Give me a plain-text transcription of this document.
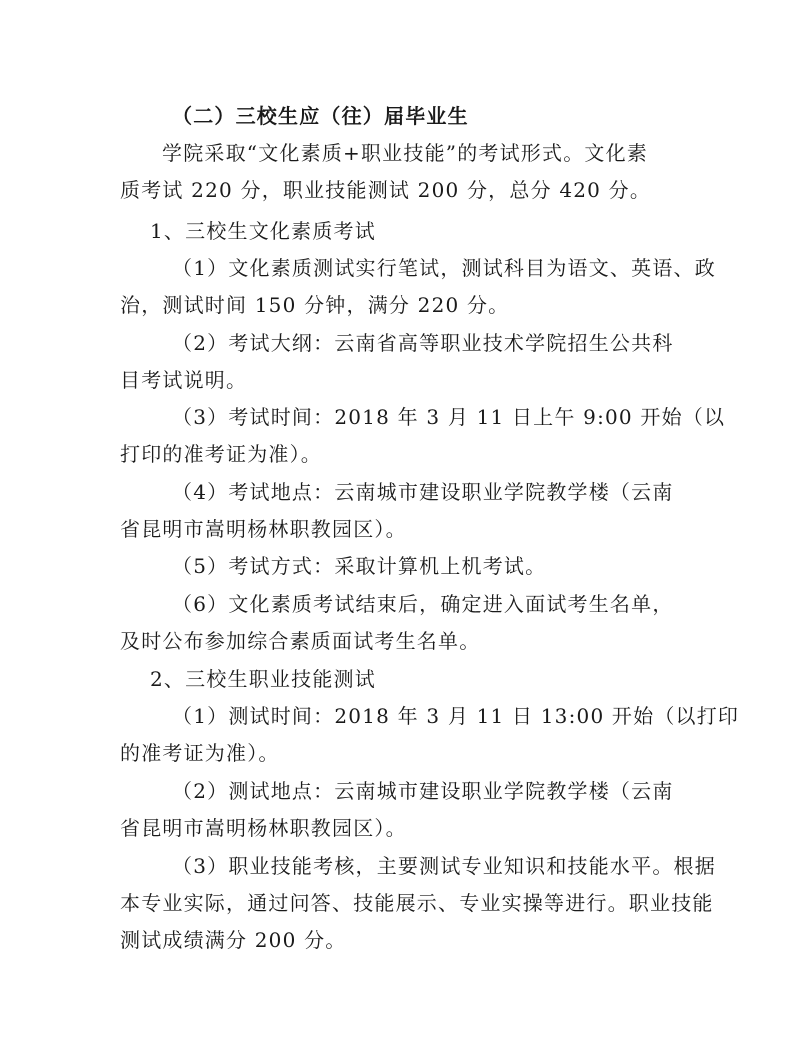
（二）三校生应（往）届毕业生
学院采取“文化素质+职业技能”的考试形式。文化素
质考试 220 分，职业技能测试 200 分，总分 420 分。
1、三校生文化素质考试
（1）文化素质测试实行笔试，测试科目为语文、英语、政
治，测试时间 150 分钟，满分 220 分。
（2）考试大纲：云南省高等职业技术学院招生公共科
目考试说明。
（3）考试时间：2018 年 3 月 11 日上午 9:00 开始（以
打印的准考证为准）。
（4）考试地点：云南城市建设职业学院教学楼（云南
省昆明市嵩明杨林职教园区）。
（5）考试方式：采取计算机上机考试。
（6）文化素质考试结束后，确定进入面试考生名单，
及时公布参加综合素质面试考生名单。
2、三校生职业技能测试
（1）测试时间：2018 年 3 月 11 日 13:00 开始（以打印
的准考证为准）。
（2）测试地点：云南城市建设职业学院教学楼（云南
省昆明市嵩明杨林职教园区）。
（3）职业技能考核，主要测试专业知识和技能水平。根据
本专业实际，通过问答、技能展示、专业实操等进行。职业技能
测试成绩满分 200 分。
